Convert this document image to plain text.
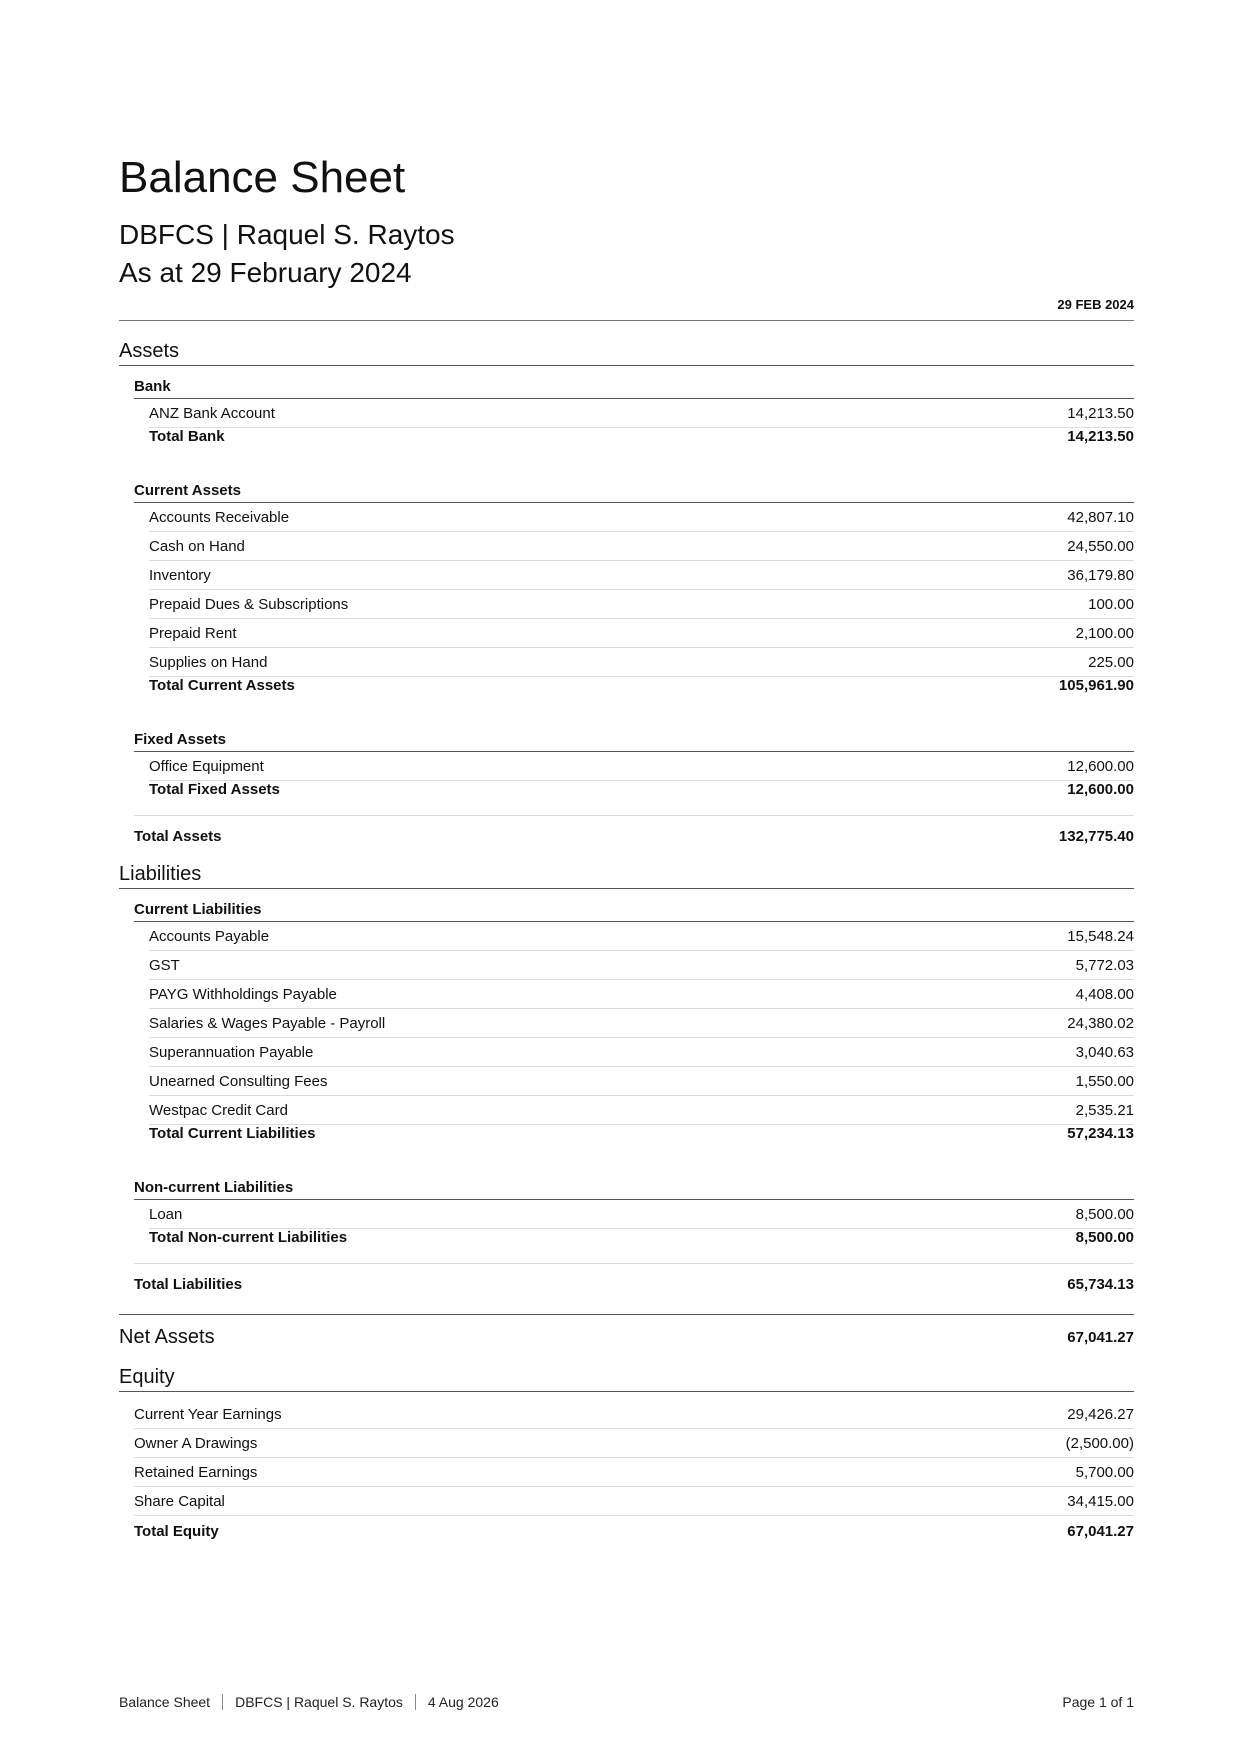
Balance Sheet
DBFCS | Raquel S. Raytos
As at 29 February 2024
29 FEB 2024
Assets
Bank
ANZ Bank Account	14,213.50
Total Bank	14,213.50
Current Assets
Accounts Receivable	42,807.10
Cash on Hand	24,550.00
Inventory	36,179.80
Prepaid Dues & Subscriptions	100.00
Prepaid Rent	2,100.00
Supplies on Hand	225.00
Total Current Assets	105,961.90
Fixed Assets
Office Equipment	12,600.00
Total Fixed Assets	12,600.00
Total Assets	132,775.40
Liabilities
Current Liabilities
Accounts Payable	15,548.24
GST	5,772.03
PAYG Withholdings Payable	4,408.00
Salaries & Wages Payable - Payroll	24,380.02
Superannuation Payable	3,040.63
Unearned Consulting Fees	1,550.00
Westpac Credit Card	2,535.21
Total Current Liabilities	57,234.13
Non-current Liabilities
Loan	8,500.00
Total Non-current Liabilities	8,500.00
Total Liabilities	65,734.13
Net Assets	67,041.27
Equity
Current Year Earnings	29,426.27
Owner A Drawings	(2,500.00)
Retained Earnings	5,700.00
Share Capital	34,415.00
Total Equity	67,041.27
Balance Sheet DBFCS | Raquel S. Raytos 4 Aug 2026	Page 1 of 1
